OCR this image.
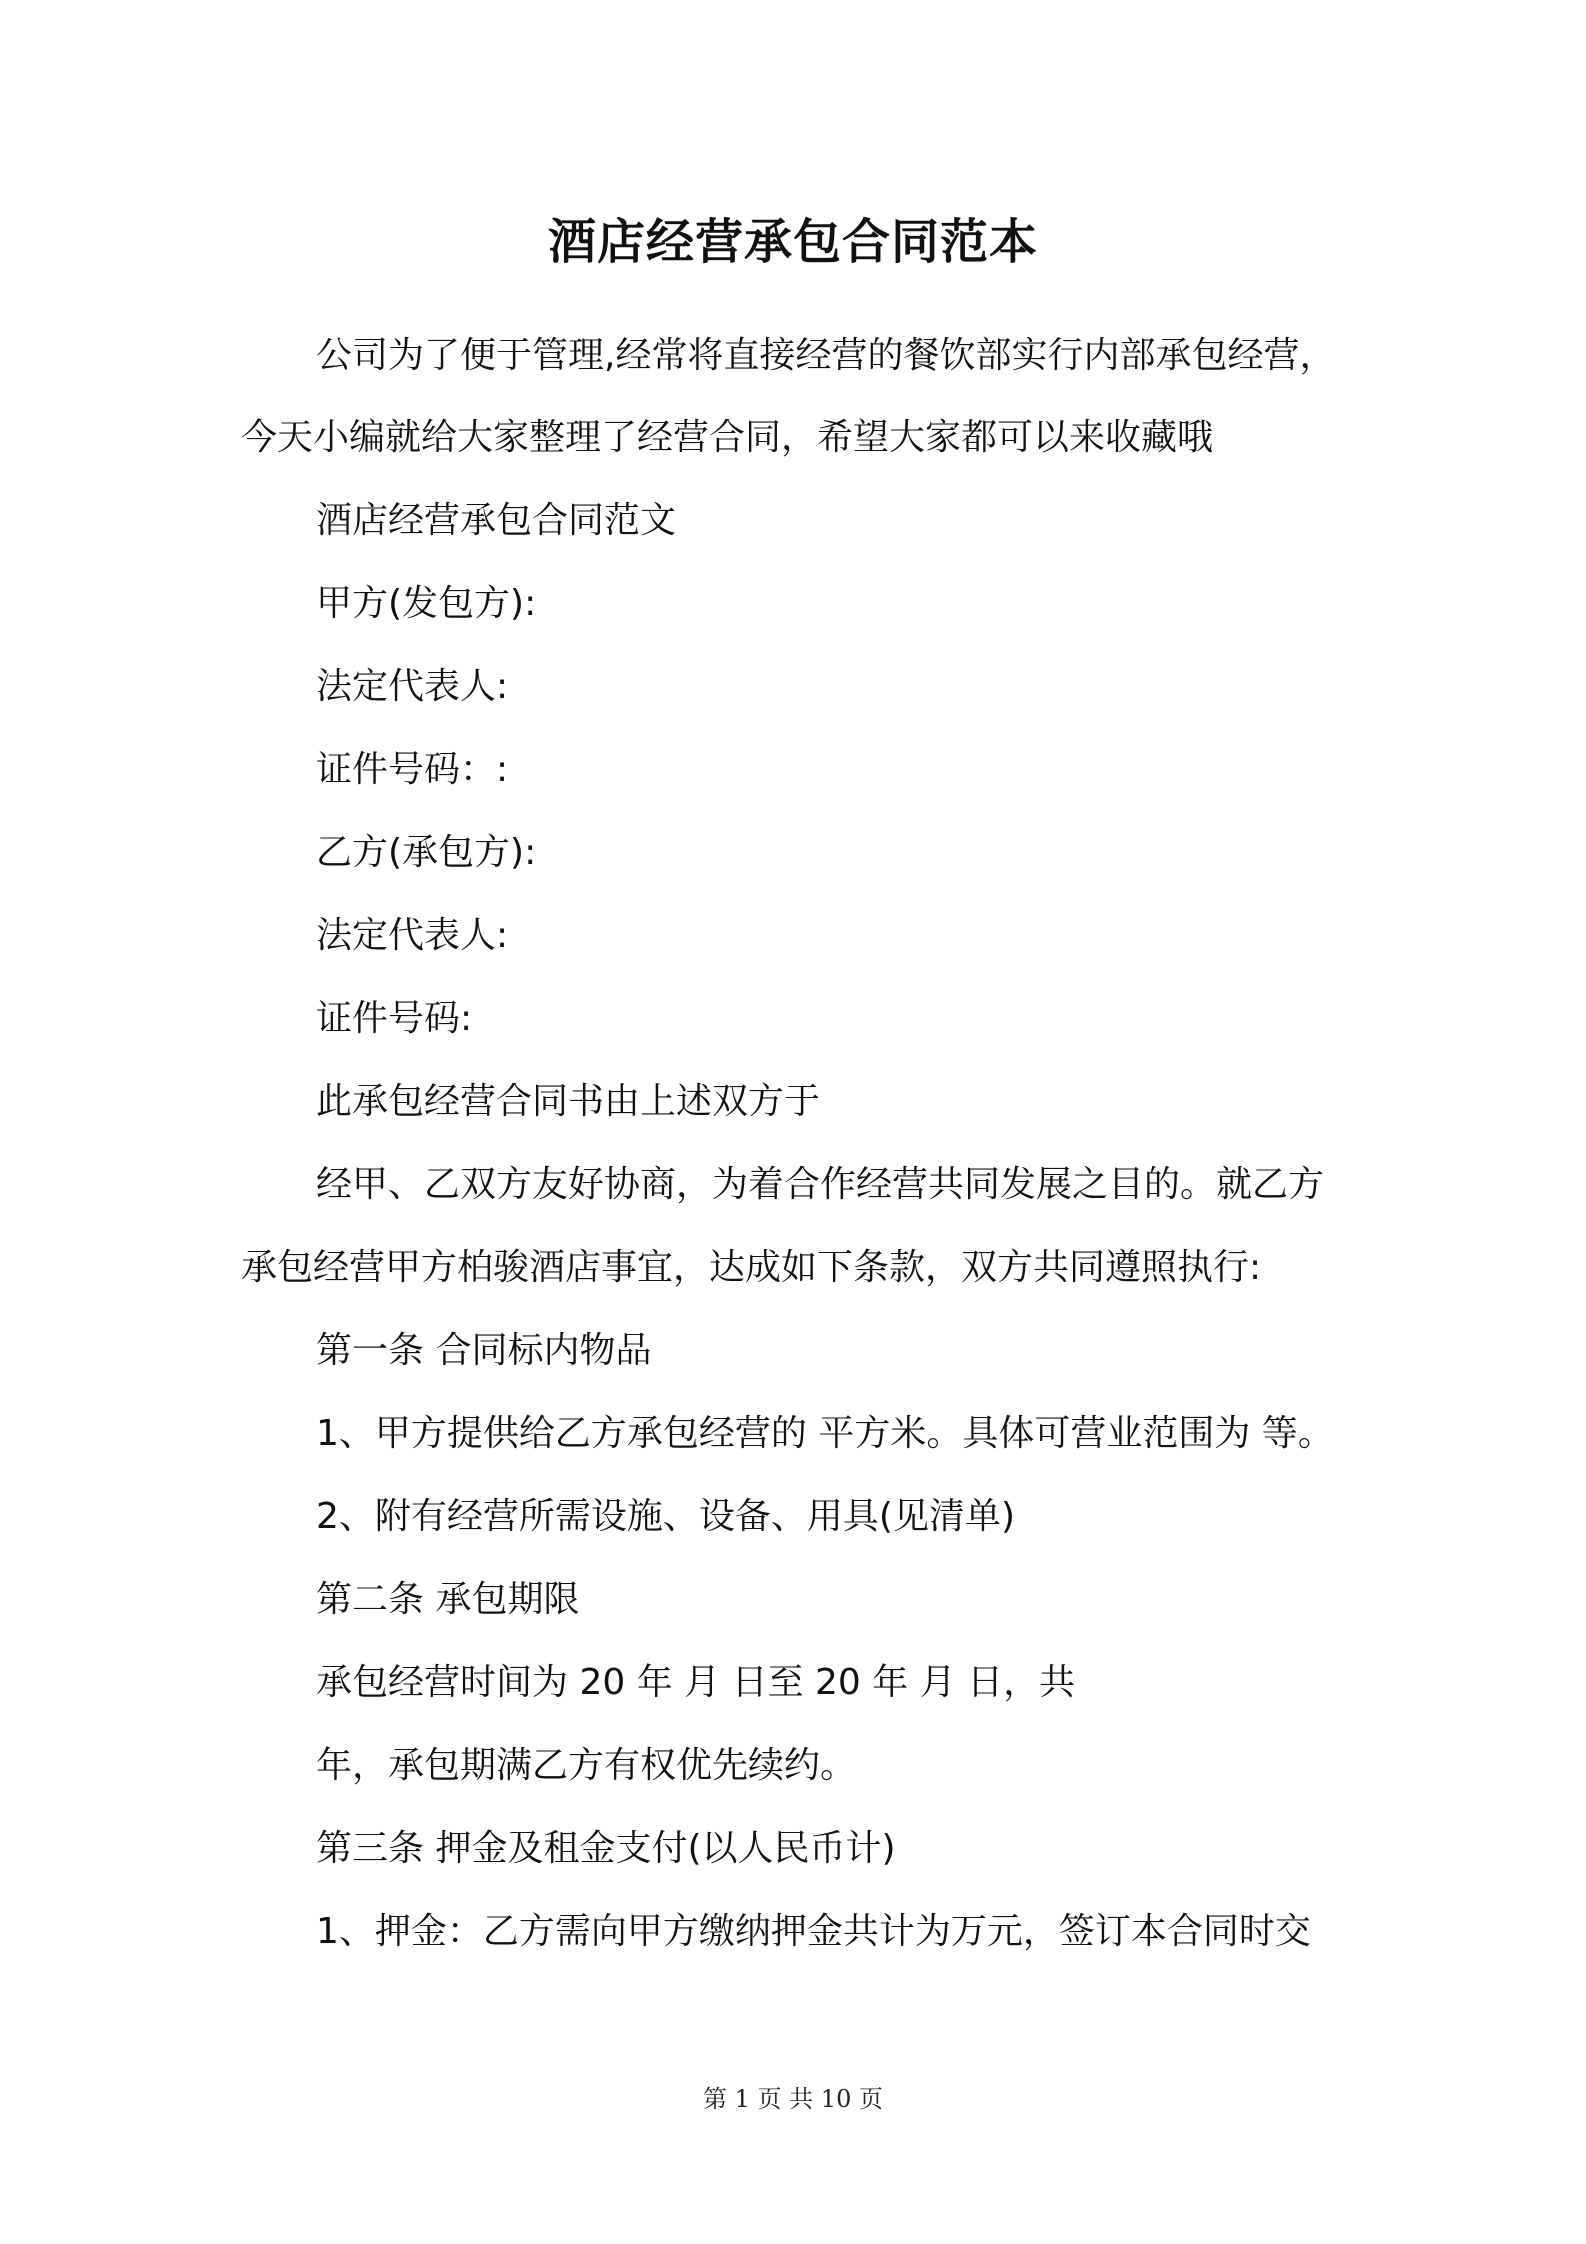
酒店经营承包合同范本

公司为了便于管理,经常将直接经营的餐饮部实行内部承包经营，

今天小编就给大家整理了经营合同，希望大家都可以来收藏哦

酒店经营承包合同范文

甲方(发包方):

法定代表人:

证件号码：:

乙方(承包方):

法定代表人:

证件号码:

此承包经营合同书由上述双方于

经甲、乙双方友好协商，为着合作经营共同发展之目的。就乙方

承包经营甲方柏骏酒店事宜，达成如下条款，双方共同遵照执行:

第一条 合同标内物品

1、甲方提供给乙方承包经营的 平方米。具体可营业范围为 等。

2、附有经营所需设施、设备、用具(见清单)

第二条 承包期限

承包经营时间为 20 年 月 日至 20 年 月 日，共

年，承包期满乙方有权优先续约。

第三条 押金及租金支付(以人民币计)

1、押金：乙方需向甲方缴纳押金共计为万元，签订本合同时交

第 1 页 共 10 页
